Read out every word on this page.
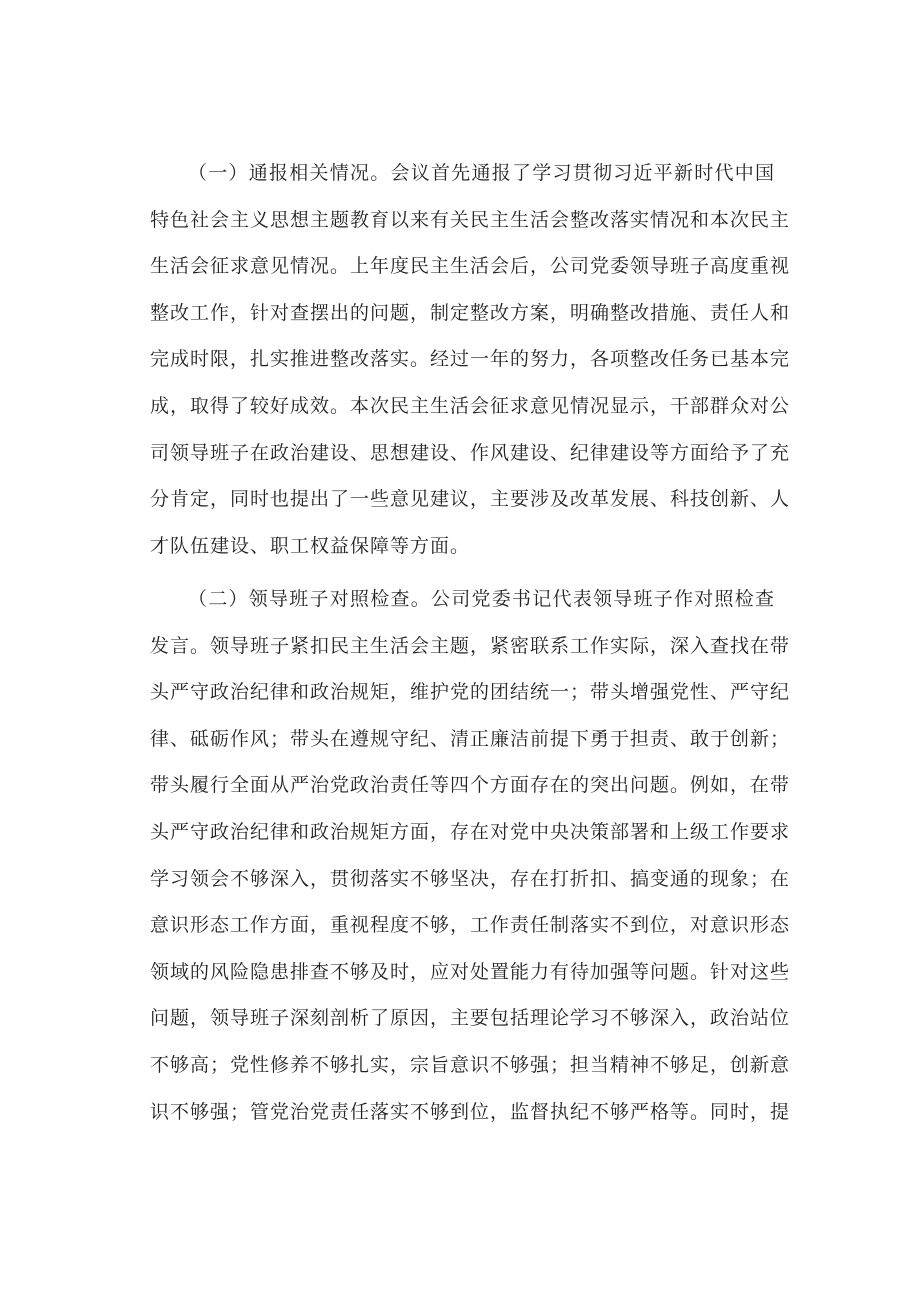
（一）通报相关情况。会议首先通报了学习贯彻习近平新时代中国
特色社会主义思想主题教育以来有关民主生活会整改落实情况和本次民主
生活会征求意见情况。上年度民主生活会后，公司党委领导班子高度重视
整改工作，针对查摆出的问题，制定整改方案，明确整改措施、责任人和
完成时限，扎实推进整改落实。经过一年的努力，各项整改任务已基本完
成，取得了较好成效。本次民主生活会征求意见情况显示，干部群众对公
司领导班子在政治建设、思想建设、作风建设、纪律建设等方面给予了充
分肯定，同时也提出了一些意见建议，主要涉及改革发展、科技创新、人
才队伍建设、职工权益保障等方面。
（二）领导班子对照检查。公司党委书记代表领导班子作对照检查
发言。领导班子紧扣民主生活会主题，紧密联系工作实际，深入查找在带
头严守政治纪律和政治规矩，维护党的团结统一；带头增强党性、严守纪
律、砥砺作风；带头在遵规守纪、清正廉洁前提下勇于担责、敢于创新；
带头履行全面从严治党政治责任等四个方面存在的突出问题。例如，在带
头严守政治纪律和政治规矩方面，存在对党中央决策部署和上级工作要求
学习领会不够深入，贯彻落实不够坚决，存在打折扣、搞变通的现象；在
意识形态工作方面，重视程度不够，工作责任制落实不到位，对意识形态
领域的风险隐患排查不够及时，应对处置能力有待加强等问题。针对这些
问题，领导班子深刻剖析了原因，主要包括理论学习不够深入，政治站位
不够高；党性修养不够扎实，宗旨意识不够强；担当精神不够足，创新意
识不够强；管党治党责任落实不够到位，监督执纪不够严格等。同时，提
